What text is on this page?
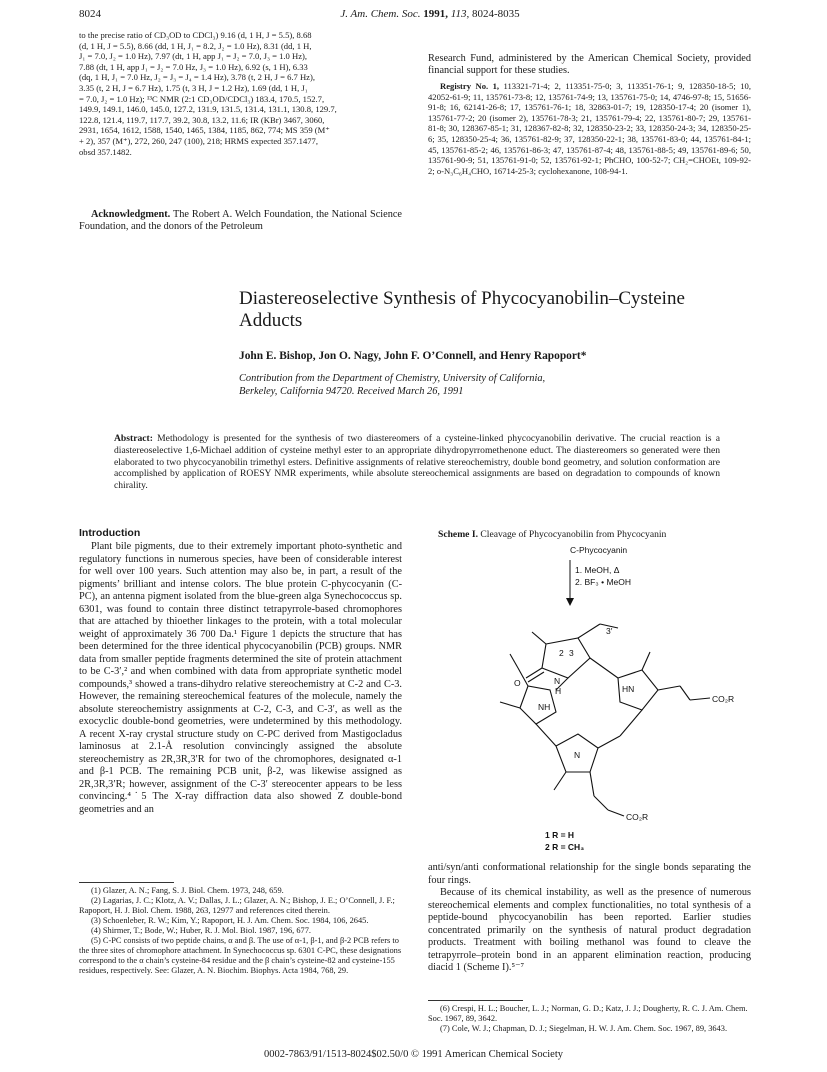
8024	J. Am. Chem. Soc. 1991, 113, 8024-8035
to the precise ratio of CD₃OD to CDCl₃) 9.16 (d, 1 H, J = 5.5), 8.68
(d, 1 H, J = 5.5), 8.66 (dd, 1 H, J₁ = 8.2, J₂ = 1.0 Hz), 8.31 (dd, 1 H,
J₁ = 7.0, J₂ = 1.0 Hz), 7.97 (dt, 1 H, app J₁ = J₂ = 7.0, J₃ = 1.0 Hz),
7.88 (dt, 1 H, app J₁ = J₂ = 7.0 Hz, J₃ = 1.0 Hz), 6.92 (s, 1 H), 6.33
(dq, 1 H, J₁ = 7.0 Hz, J₂ = J₃ = J₄ = 1.4 Hz), 3.78 (t, 2 H, J = 6.7 Hz),
3.35 (t, 2 H, J = 6.7 Hz), 1.75 (t, 3 H, J = 1.2 Hz), 1.69 (dd, 1 H, J₁
= 7.0, J₂ = 1.0 Hz); ¹³C NMR (2:1 CD₃OD/CDCl₃) 183.4, 170.5, 152.7,
149.9, 149.1, 146.0, 145.0, 127.2, 131.9, 131.5, 131.4, 131.1, 130.8, 129.7,
122.8, 121.4, 119.7, 117.7, 39.2, 30.8, 13.2, 11.6; IR (KBr) 3467, 3060,
2931, 1654, 1612, 1588, 1540, 1465, 1384, 1185, 862, 774; MS 359 (M⁺
+ 2), 357 (M⁺), 272, 260, 247 (100), 218; HRMS expected 357.1477,
obsd 357.1482.
Acknowledgment. The Robert A. Welch Foundation, the National Science Foundation, and the donors of the Petroleum
Research Fund, administered by the American Chemical Society, provided financial support for these studies.
Registry No. 1, 113321-71-4; 2, 113351-75-0; 3, 113351-76-1; 9, 128350-18-5; 10, 42052-61-9; 11, 135761-73-8; 12, 135761-74-9; 13, 135761-75-0; 14, 4746-97-8; 15, 51656-91-8; 16, 62141-26-8; 17, 135761-76-1; 18, 32863-01-7; 19, 128350-17-4; 20 (isomer 1), 135761-77-2; 20 (isomer 2), 135761-78-3; 21, 135761-79-4; 22, 135761-80-7; 29, 135761-81-8; 30, 128367-85-1; 31, 128367-82-8; 32, 128350-23-2; 33, 128350-24-3; 34, 128350-25-6; 35, 128350-25-4; 36, 135761-82-9; 37, 128350-22-1; 38, 135761-83-0; 44, 135761-84-1; 45, 135761-85-2; 46, 135761-86-3; 47, 135761-87-4; 48, 135761-88-5; 49, 135761-89-6; 50, 135761-90-9; 51, 135761-91-0; 52, 135761-92-1; PhCHO, 100-52-7; CH₂=CHOEt, 109-92-2; o-N₃C₆H₄CHO, 16714-25-3; cyclohexanone, 108-94-1.
Diastereoselective Synthesis of Phycocyanobilin–Cysteine
Adducts
John E. Bishop, Jon O. Nagy, John F. O’Connell, and Henry Rapoport*
Contribution from the Department of Chemistry, University of California,
Berkeley, California 94720. Received March 26, 1991
Abstract: Methodology is presented for the synthesis of two diastereomers of a cysteine-linked phycocyanobilin derivative. The crucial reaction is a diastereoselective 1,6-Michael addition of cysteine methyl ester to an appropriate dihydropyrromethenone educt. The diastereomers so generated were then elaborated to two phycocyanobilin trimethyl esters. Definitive assignments of relative stereochemistry, double bond geometry, and solution conformation are accomplished by application of ROESY NMR experiments, while absolute stereochemical assignments are based on degradation to compounds of known chirality.
Introduction
Plant bile pigments, due to their extremely important photo-synthetic and regulatory functions in numerous species, have been of considerable interest for well over 100 years. Such attention may also be, in part, a result of the pigments’ brilliant and intense colors. The blue protein C-phycocyanin (C-PC), an antenna pigment isolated from the blue-green alga Synechococcus sp. 6301, was found to contain three distinct tetrapyrrole-based chromophores that are attached by thioether linkages to the protein, with a total molecular weight of approximately 36 700 Da.¹ Figure 1 depicts the structure that has been determined for the three identical phycocyanobilin (PCB) groups. NMR data from smaller peptide fragments determined the site of protein attachment to be C-3′,² and when combined with data from appropriate synthetic model compounds,³ showed a trans-dihydro relative stereochemistry at C-2 and C-3. However, the remaining stereochemical features of the molecule, namely the absolute stereochemistry assignments at C-2, C-3, and C-3′, as well as the exocyclic double-bond geometries, were undetermined by this methodology. A recent X-ray crystal structure study on C-PC derived from Mastigocladus laminosus at 2.1-Å resolution convincingly assigned the absolute stereochemistry as 2R,3R,3′R for two of the chromophores, designated α-1 and β-1 PCB. The remaining PCB unit, β-2, was likewise assigned as 2R,3R,3′R; however, assignment of the C-3′ stereocenter appears to be less convincing.⁴˙5 The X-ray diffraction data also showed Z double-bond geometries and an

(1) Glazer, A. N.; Fang, S. J. Biol. Chem. 1973, 248, 659.

(2) Lagarias, J. C.; Klotz, A. V.; Dallas, J. L.; Glazer, A. N.; Bishop, J. E.; O’Connell, J. F.; Rapoport, H. J. Biol. Chem. 1988, 263, 12977 and references cited therein.

(3) Schoenleber, R. W.; Kim, Y.; Rapoport, H. J. Am. Chem. Soc. 1984, 106, 2645.

(4) Shirmer, T.; Bode, W.; Huber, R. J. Mol. Biol. 1987, 196, 677.

(5) C-PC consists of two peptide chains, α and β. The use of α-1, β-1, and β-2 PCB refers to the three sites of chromophore attachment. In Synechococcus sp. 6301 C-PC, these designations correspond to the α chain’s cysteine-84 residue and the β chain’s cysteine-82 and cysteine-155 residues, respectively. See: Glazer, A. N. Biochim. Biophys. Acta 1984, 768, 29.

Scheme I. Cleavage of Phycocyanobilin from Phycocyanin
C-Phycocyanin
1. MeOH, Δ
2. BF₃ • MeOH
3′
2 3
O	N
H
NH
HN
N
CO₂R
CO₂R
1 R = H
2 R = CH₃

anti/syn/anti conformational relationship for the single bonds separating the four rings.

Because of its chemical instability, as well as the presence of numerous stereochemical elements and complex functionalities, no total synthesis of a peptide-bound phycocyanobilin has been reported. Earlier studies concentrated primarily on the synthesis of natural product degradation products. Treatment with boiling methanol was found to cleave the tetrapyrrole–protein bond in an apparent elimination reaction, producing diacid 1 (Scheme I).⁵⁻⁷

(6) Crespi, H. L.; Boucher, L. J.; Norman, G. D.; Katz, J. J.; Dougherty, R. C. J. Am. Chem. Soc. 1967, 89, 3642.

(7) Cole, W. J.; Chapman, D. J.; Siegelman, H. W. J. Am. Chem. Soc. 1967, 89, 3643.

0002-7863/91/1513-8024$02.50/0 © 1991 American Chemical Society
